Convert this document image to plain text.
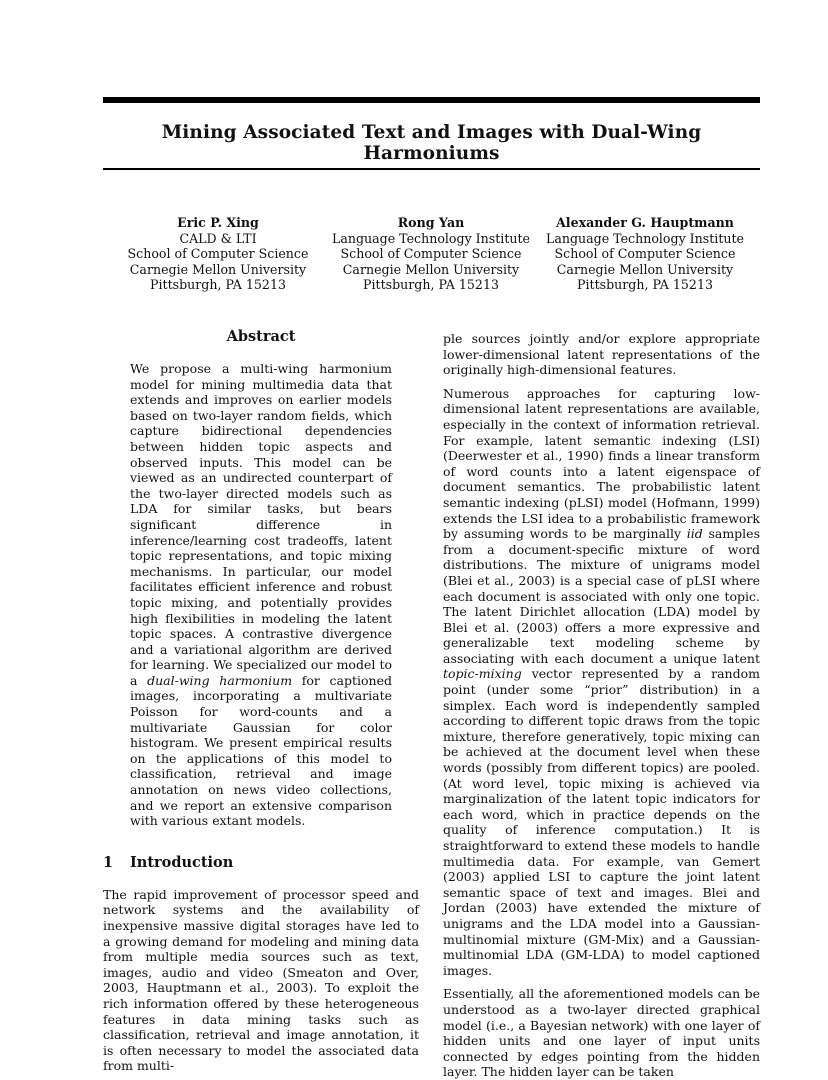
Mining Associated Text and Images with Dual-Wing Harmoniums
Eric P. Xing
CALD & LTI
School of Computer Science
Carnegie Mellon University
Pittsburgh, PA 15213
Rong Yan
Language Technology Institute
School of Computer Science
Carnegie Mellon University
Pittsburgh, PA 15213
Alexander G. Hauptmann
Language Technology Institute
School of Computer Science
Carnegie Mellon University
Pittsburgh, PA 15213
Abstract

We propose a multi-wing harmonium model for mining multimedia data that extends and improves on earlier models based on two-layer random fields, which capture bidirectional dependencies between hidden topic aspects and observed inputs. This model can be viewed as an undirected counterpart of the two-layer directed models such as LDA for similar tasks, but bears significant difference in inference/learning cost tradeoffs, latent topic representations, and topic mixing mechanisms. In particular, our model facilitates efficient inference and robust topic mixing, and potentially provides high flexibilities in modeling the latent topic spaces. A contrastive divergence and a variational algorithm are derived for learning. We specialized our model to a dual-wing harmonium for captioned images, incorporating a multivariate Poisson for word-counts and a multivariate Gaussian for color histogram. We present empirical results on the applications of this model to classification, retrieval and image annotation on news video collections, and we report an extensive comparison with various extant models.

1 Introduction

The rapid improvement of processor speed and network systems and the availability of inexpensive massive digital storages have led to a growing demand for modeling and mining data from multiple media sources such as text, images, audio and video (Smeaton and Over, 2003, Hauptmann et al., 2003). To exploit the rich information offered by these heterogeneous features in data mining tasks such as classification, retrieval and image annotation, it is often necessary to model the associated data from multi-

ple sources jointly and/or explore appropriate lower-dimensional latent representations of the originally high-dimensional features.

Numerous approaches for capturing low-dimensional latent representations are available, especially in the context of information retrieval. For example, latent semantic indexing (LSI) (Deerwester et al., 1990) finds a linear transform of word counts into a latent eigenspace of document semantics. The probabilistic latent semantic indexing (pLSI) model (Hofmann, 1999) extends the LSI idea to a probabilistic framework by assuming words to be marginally iid samples from a document-specific mixture of word distributions. The mixture of unigrams model (Blei et al., 2003) is a special case of pLSI where each document is associated with only one topic. The latent Dirichlet allocation (LDA) model by Blei et al. (2003) offers a more expressive and generalizable text modeling scheme by associating with each document a unique latent topic-mixing vector represented by a random point (under some “prior” distribution) in a simplex. Each word is independently sampled according to different topic draws from the topic mixture, therefore generatively, topic mixing can be achieved at the document level when these words (possibly from different topics) are pooled. (At word level, topic mixing is achieved via marginalization of the latent topic indicators for each word, which in practice depends on the quality of inference computation.) It is straightforward to extend these models to handle multimedia data. For example, van Gemert (2003) applied LSI to capture the joint latent semantic space of text and images. Blei and Jordan (2003) have extended the mixture of unigrams and the LDA model into a Gaussian-multinomial mixture (GM-Mix) and a Gaussian-multinomial LDA (GM-LDA) to model captioned images.

Essentially, all the aforementioned models can be understood as a two-layer directed graphical model (i.e., a Bayesian network) with one layer of hidden units and one layer of input units connected by edges pointing from the hidden layer. The hidden layer can be taken
